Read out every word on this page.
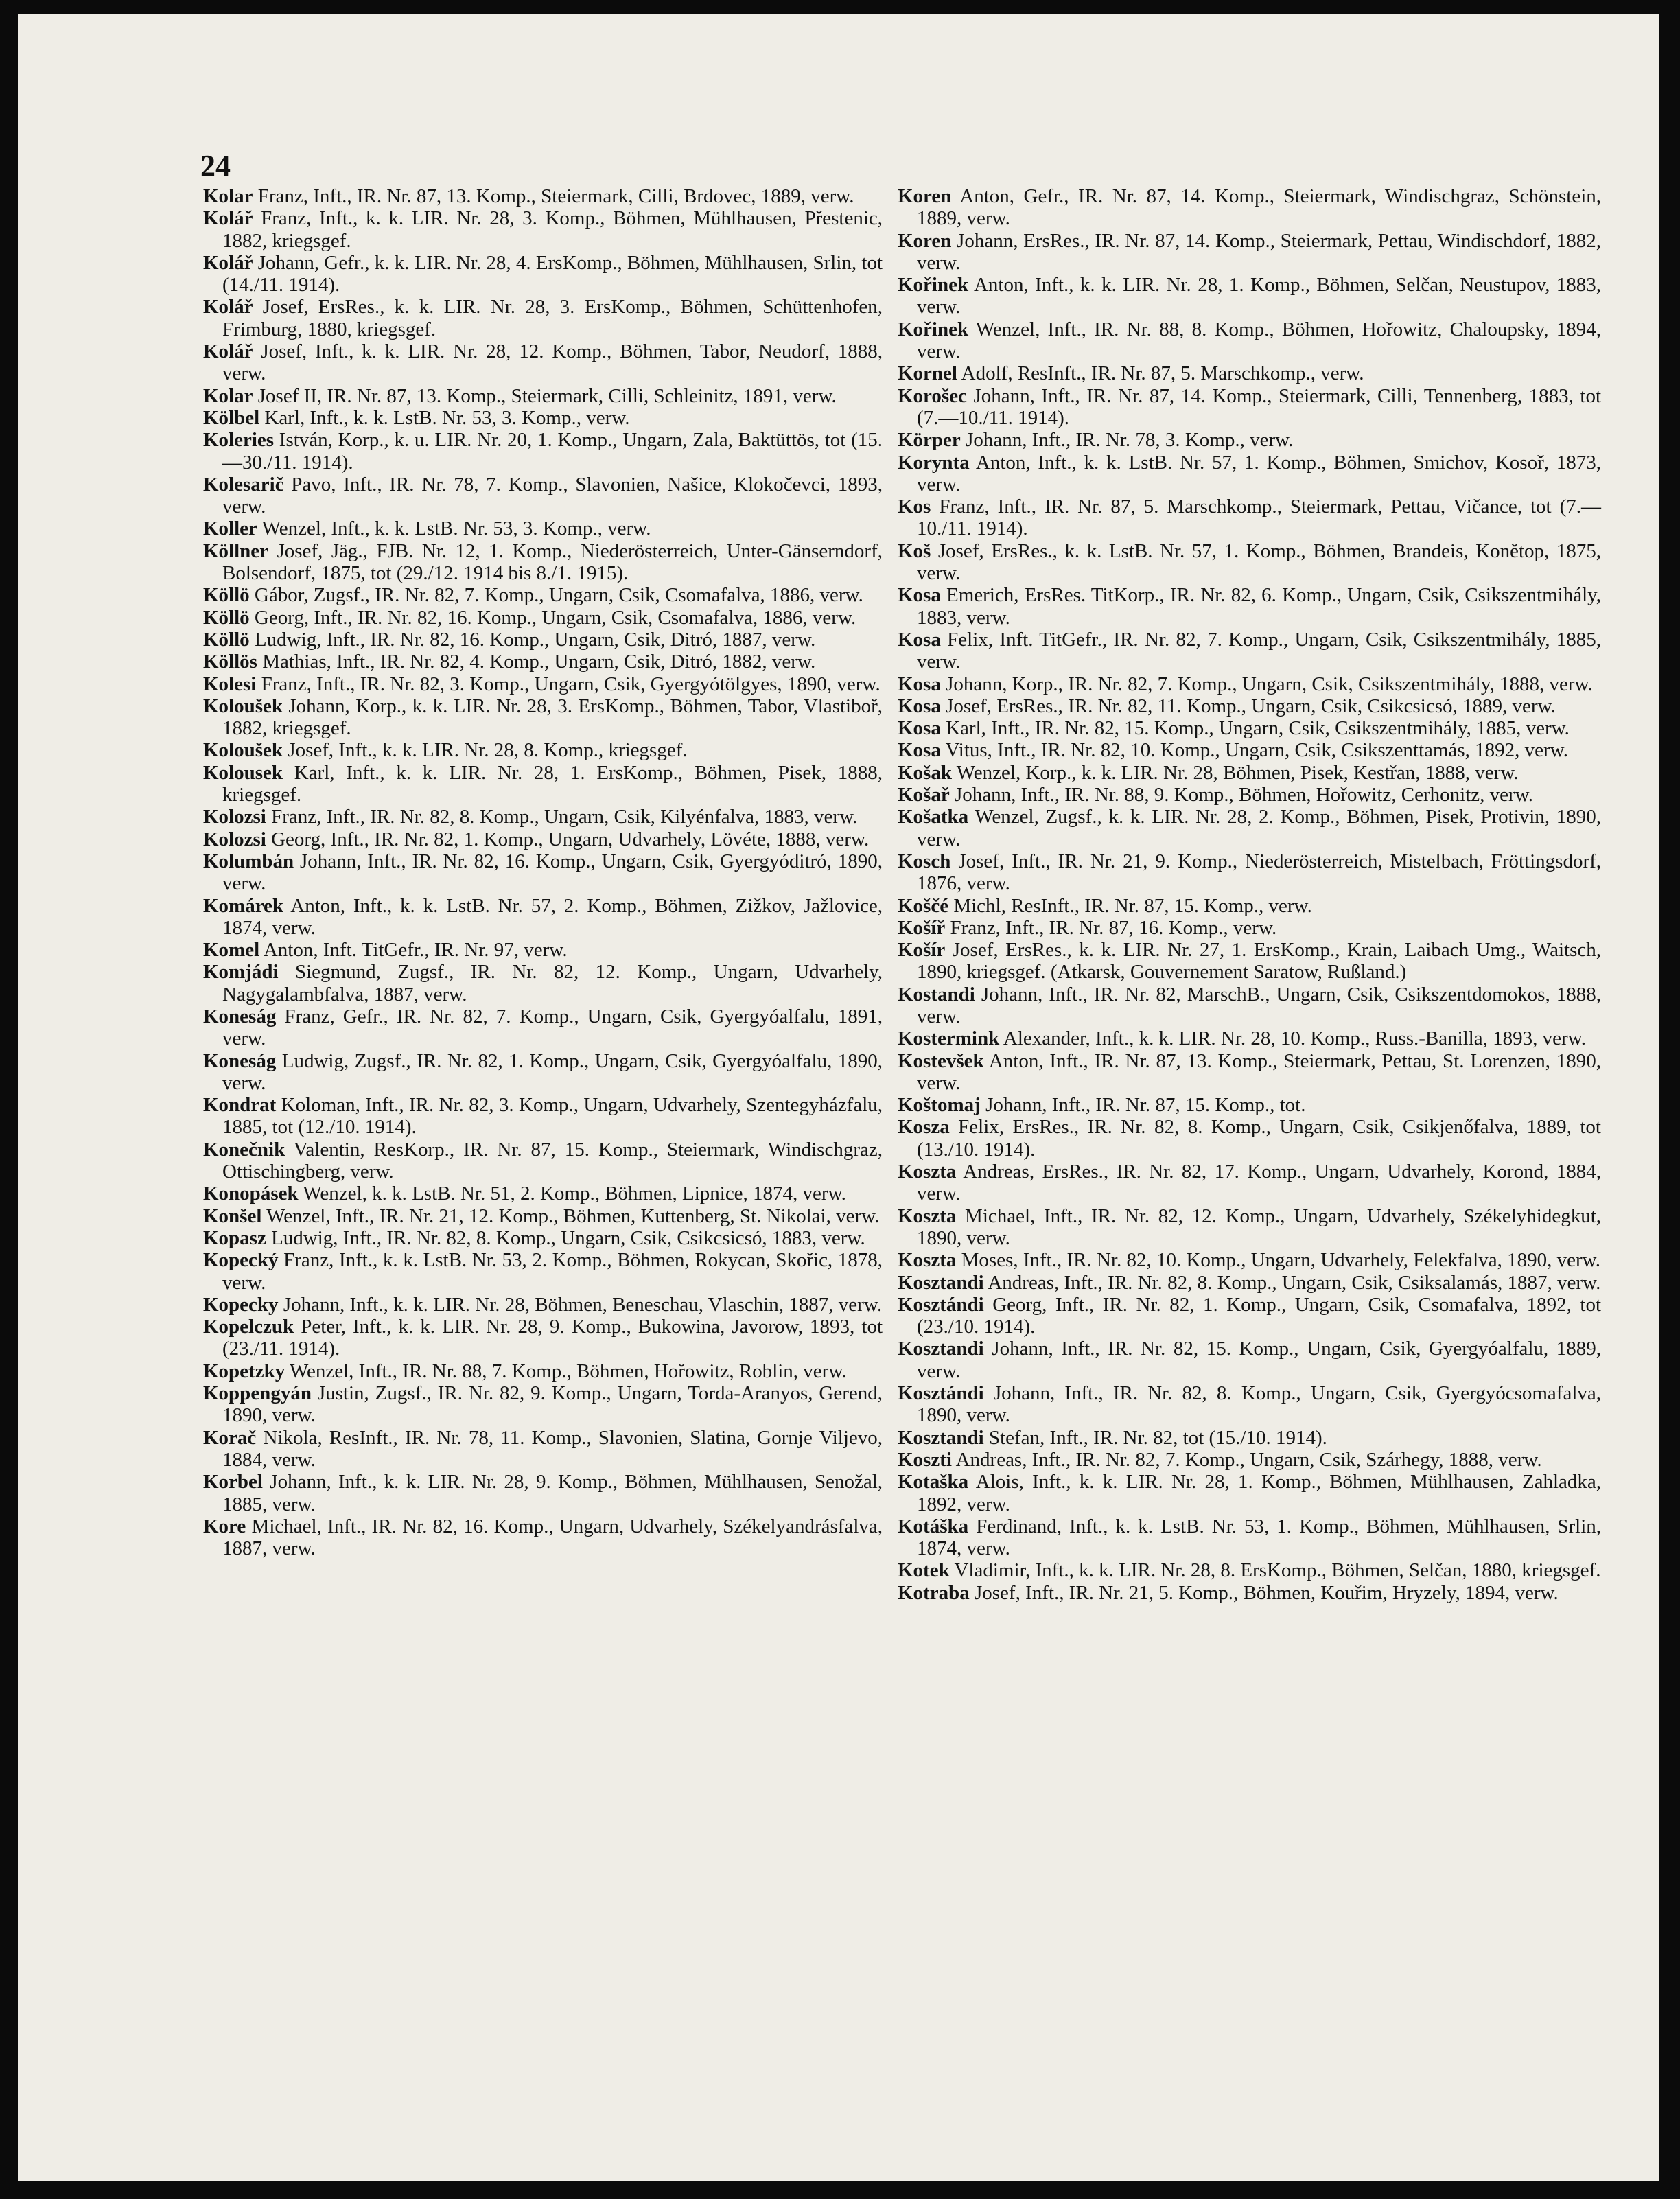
24

Kolar Franz, Inft., IR. Nr. 87, 13. Komp., Steiermark, Cilli, Brdovec, 1889, verw.

Kolář Franz, Inft., k. k. LIR. Nr. 28, 3. Komp., Böhmen, Mühlhausen, Přestenic, 1882, kriegsgef.

Kolář Johann, Gefr., k. k. LIR. Nr. 28, 4. ErsKomp., Böhmen, Mühlhausen, Srlin, tot (14./11. 1914).

Kolář Josef, ErsRes., k. k. LIR. Nr. 28, 3. ErsKomp., Böhmen, Schüttenhofen, Frimburg, 1880, kriegsgef.

Kolář Josef, Inft., k. k. LIR. Nr. 28, 12. Komp., Böhmen, Tabor, Neudorf, 1888, verw.

Kolar Josef II, IR. Nr. 87, 13. Komp., Steiermark, Cilli, Schleinitz, 1891, verw.

Kölbel Karl, Inft., k. k. LstB. Nr. 53, 3. Komp., verw.

Koleries István, Korp., k. u. LIR. Nr. 20, 1. Komp., Ungarn, Zala, Baktüttös, tot (15.—30./11. 1914).

Kolesarič Pavo, Inft., IR. Nr. 78, 7. Komp., Slavonien, Našice, Klokočevci, 1893, verw.

Koller Wenzel, Inft., k. k. LstB. Nr. 53, 3. Komp., verw.

Köllner Josef, Jäg., FJB. Nr. 12, 1. Komp., Niederösterreich, Unter-Gänserndorf, Bolsendorf, 1875, tot (29./12. 1914 bis 8./1. 1915).

Köllö Gábor, Zugsf., IR. Nr. 82, 7. Komp., Ungarn, Csik, Csomafalva, 1886, verw.

Köllö Georg, Inft., IR. Nr. 82, 16. Komp., Ungarn, Csik, Csomafalva, 1886, verw.

Köllö Ludwig, Inft., IR. Nr. 82, 16. Komp., Ungarn, Csik, Ditró, 1887, verw.

Köllös Mathias, Inft., IR. Nr. 82, 4. Komp., Ungarn, Csik, Ditró, 1882, verw.

Kolesi Franz, Inft., IR. Nr. 82, 3. Komp., Ungarn, Csik, Gyergyótölgyes, 1890, verw.

Koloušek Johann, Korp., k. k. LIR. Nr. 28, 3. ErsKomp., Böhmen, Tabor, Vlastiboř, 1882, kriegsgef.

Koloušek Josef, Inft., k. k. LIR. Nr. 28, 8. Komp., kriegsgef.

Kolousek Karl, Inft., k. k. LIR. Nr. 28, 1. ErsKomp., Böhmen, Pisek, 1888, kriegsgef.

Kolozsi Franz, Inft., IR. Nr. 82, 8. Komp., Ungarn, Csik, Kilyénfalva, 1883, verw.

Kolozsi Georg, Inft., IR. Nr. 82, 1. Komp., Ungarn, Udvarhely, Lövéte, 1888, verw.

Kolumbán Johann, Inft., IR. Nr. 82, 16. Komp., Ungarn, Csik, Gyergyóditró, 1890, verw.

Komárek Anton, Inft., k. k. LstB. Nr. 57, 2. Komp., Böhmen, Zižkov, Jažlovice, 1874, verw.

Komel Anton, Inft. TitGefr., IR. Nr. 97, verw.

Komjádi Siegmund, Zugsf., IR. Nr. 82, 12. Komp., Ungarn, Udvarhely, Nagygalambfalva, 1887, verw.

Koneság Franz, Gefr., IR. Nr. 82, 7. Komp., Ungarn, Csik, Gyergyóalfalu, 1891, verw.

Koneság Ludwig, Zugsf., IR. Nr. 82, 1. Komp., Ungarn, Csik, Gyergyóalfalu, 1890, verw.

Kondrat Koloman, Inft., IR. Nr. 82, 3. Komp., Ungarn, Udvarhely, Szentegyházfalu, 1885, tot (12./10. 1914).

Konečnik Valentin, ResKorp., IR. Nr. 87, 15. Komp., Steiermark, Windischgraz, Ottischingberg, verw.

Konopásek Wenzel, k. k. LstB. Nr. 51, 2. Komp., Böhmen, Lipnice, 1874, verw.

Konšel Wenzel, Inft., IR. Nr. 21, 12. Komp., Böhmen, Kuttenberg, St. Nikolai, verw.

Kopasz Ludwig, Inft., IR. Nr. 82, 8. Komp., Ungarn, Csik, Csikcsicsó, 1883, verw.

Kopecký Franz, Inft., k. k. LstB. Nr. 53, 2. Komp., Böhmen, Rokycan, Skořic, 1878, verw.

Kopecky Johann, Inft., k. k. LIR. Nr. 28, Böhmen, Beneschau, Vlaschin, 1887, verw.

Kopelczuk Peter, Inft., k. k. LIR. Nr. 28, 9. Komp., Bukowina, Javorow, 1893, tot (23./11. 1914).

Kopetzky Wenzel, Inft., IR. Nr. 88, 7. Komp., Böhmen, Hořowitz, Roblin, verw.

Koppengyán Justin, Zugsf., IR. Nr. 82, 9. Komp., Ungarn, Torda-Aranyos, Gerend, 1890, verw.

Korač Nikola, ResInft., IR. Nr. 78, 11. Komp., Slavonien, Slatina, Gornje Viljevo, 1884, verw.

Korbel Johann, Inft., k. k. LIR. Nr. 28, 9. Komp., Böhmen, Mühlhausen, Senožal, 1885, verw.

Kore Michael, Inft., IR. Nr. 82, 16. Komp., Ungarn, Udvarhely, Székelyandrásfalva, 1887, verw.

Koren Anton, Gefr., IR. Nr. 87, 14. Komp., Steiermark, Windischgraz, Schönstein, 1889, verw.

Koren Johann, ErsRes., IR. Nr. 87, 14. Komp., Steiermark, Pettau, Windischdorf, 1882, verw.

Kořinek Anton, Inft., k. k. LIR. Nr. 28, 1. Komp., Böhmen, Selčan, Neustupov, 1883, verw.

Kořinek Wenzel, Inft., IR. Nr. 88, 8. Komp., Böhmen, Hořowitz, Chaloupsky, 1894, verw.

Kornel Adolf, ResInft., IR. Nr. 87, 5. Marschkomp., verw.

Korošec Johann, Inft., IR. Nr. 87, 14. Komp., Steiermark, Cilli, Tennenberg, 1883, tot (7.—10./11. 1914).

Körper Johann, Inft., IR. Nr. 78, 3. Komp., verw.

Korynta Anton, Inft., k. k. LstB. Nr. 57, 1. Komp., Böhmen, Smichov, Kosoř, 1873, verw.

Kos Franz, Inft., IR. Nr. 87, 5. Marschkomp., Steiermark, Pettau, Vičance, tot (7.—10./11. 1914).

Koš Josef, ErsRes., k. k. LstB. Nr. 57, 1. Komp., Böhmen, Brandeis, Konětop, 1875, verw.

Kosa Emerich, ErsRes. TitKorp., IR. Nr. 82, 6. Komp., Ungarn, Csik, Csikszentmihály, 1883, verw.

Kosa Felix, Inft. TitGefr., IR. Nr. 82, 7. Komp., Ungarn, Csik, Csikszentmihály, 1885, verw.

Kosa Johann, Korp., IR. Nr. 82, 7. Komp., Ungarn, Csik, Csikszentmihály, 1888, verw.

Kosa Josef, ErsRes., IR. Nr. 82, 11. Komp., Ungarn, Csik, Csikcsicsó, 1889, verw.

Kosa Karl, Inft., IR. Nr. 82, 15. Komp., Ungarn, Csik, Csikszentmihály, 1885, verw.

Kosa Vitus, Inft., IR. Nr. 82, 10. Komp., Ungarn, Csik, Csikszenttamás, 1892, verw.

Košak Wenzel, Korp., k. k. LIR. Nr. 28, Böhmen, Pisek, Kestřan, 1888, verw.

Košař Johann, Inft., IR. Nr. 88, 9. Komp., Böhmen, Hořowitz, Cerhonitz, verw.

Košatka Wenzel, Zugsf., k. k. LIR. Nr. 28, 2. Komp., Böhmen, Pisek, Protivin, 1890, verw.

Kosch Josef, Inft., IR. Nr. 21, 9. Komp., Niederösterreich, Mistelbach, Fröttingsdorf, 1876, verw.

Koščé Michl, ResInft., IR. Nr. 87, 15. Komp., verw.

Košíř Franz, Inft., IR. Nr. 87, 16. Komp., verw.

Košír Josef, ErsRes., k. k. LIR. Nr. 27, 1. ErsKomp., Krain, Laibach Umg., Waitsch, 1890, kriegsgef. (Atkarsk, Gouvernement Saratow, Rußland.)

Kostandi Johann, Inft., IR. Nr. 82, MarschB., Ungarn, Csik, Csikszentdomokos, 1888, verw.

Kostermink Alexander, Inft., k. k. LIR. Nr. 28, 10. Komp., Russ.-Banilla, 1893, verw.

Kostevšek Anton, Inft., IR. Nr. 87, 13. Komp., Steiermark, Pettau, St. Lorenzen, 1890, verw.

Koštomaj Johann, Inft., IR. Nr. 87, 15. Komp., tot.

Kosza Felix, ErsRes., IR. Nr. 82, 8. Komp., Ungarn, Csik, Csikjenőfalva, 1889, tot (13./10. 1914).

Koszta Andreas, ErsRes., IR. Nr. 82, 17. Komp., Ungarn, Udvarhely, Korond, 1884, verw.

Koszta Michael, Inft., IR. Nr. 82, 12. Komp., Ungarn, Udvarhely, Székelyhidegkut, 1890, verw.

Koszta Moses, Inft., IR. Nr. 82, 10. Komp., Ungarn, Udvarhely, Felekfalva, 1890, verw.

Kosztandi Andreas, Inft., IR. Nr. 82, 8. Komp., Ungarn, Csik, Csiksalamás, 1887, verw.

Kosztándi Georg, Inft., IR. Nr. 82, 1. Komp., Ungarn, Csik, Csomafalva, 1892, tot (23./10. 1914).

Kosztandi Johann, Inft., IR. Nr. 82, 15. Komp., Ungarn, Csik, Gyergyóalfalu, 1889, verw.

Kosztándi Johann, Inft., IR. Nr. 82, 8. Komp., Ungarn, Csik, Gyergyócsomafalva, 1890, verw.

Kosztandi Stefan, Inft., IR. Nr. 82, tot (15./10. 1914).

Koszti Andreas, Inft., IR. Nr. 82, 7. Komp., Ungarn, Csik, Szárhegy, 1888, verw.

Kotaška Alois, Inft., k. k. LIR. Nr. 28, 1. Komp., Böhmen, Mühlhausen, Zahladka, 1892, verw.

Kotáška Ferdinand, Inft., k. k. LstB. Nr. 53, 1. Komp., Böhmen, Mühlhausen, Srlin, 1874, verw.

Kotek Vladimir, Inft., k. k. LIR. Nr. 28, 8. ErsKomp., Böhmen, Selčan, 1880, kriegsgef.

Kotraba Josef, Inft., IR. Nr. 21, 5. Komp., Böhmen, Kouřim, Hryzely, 1894, verw.
